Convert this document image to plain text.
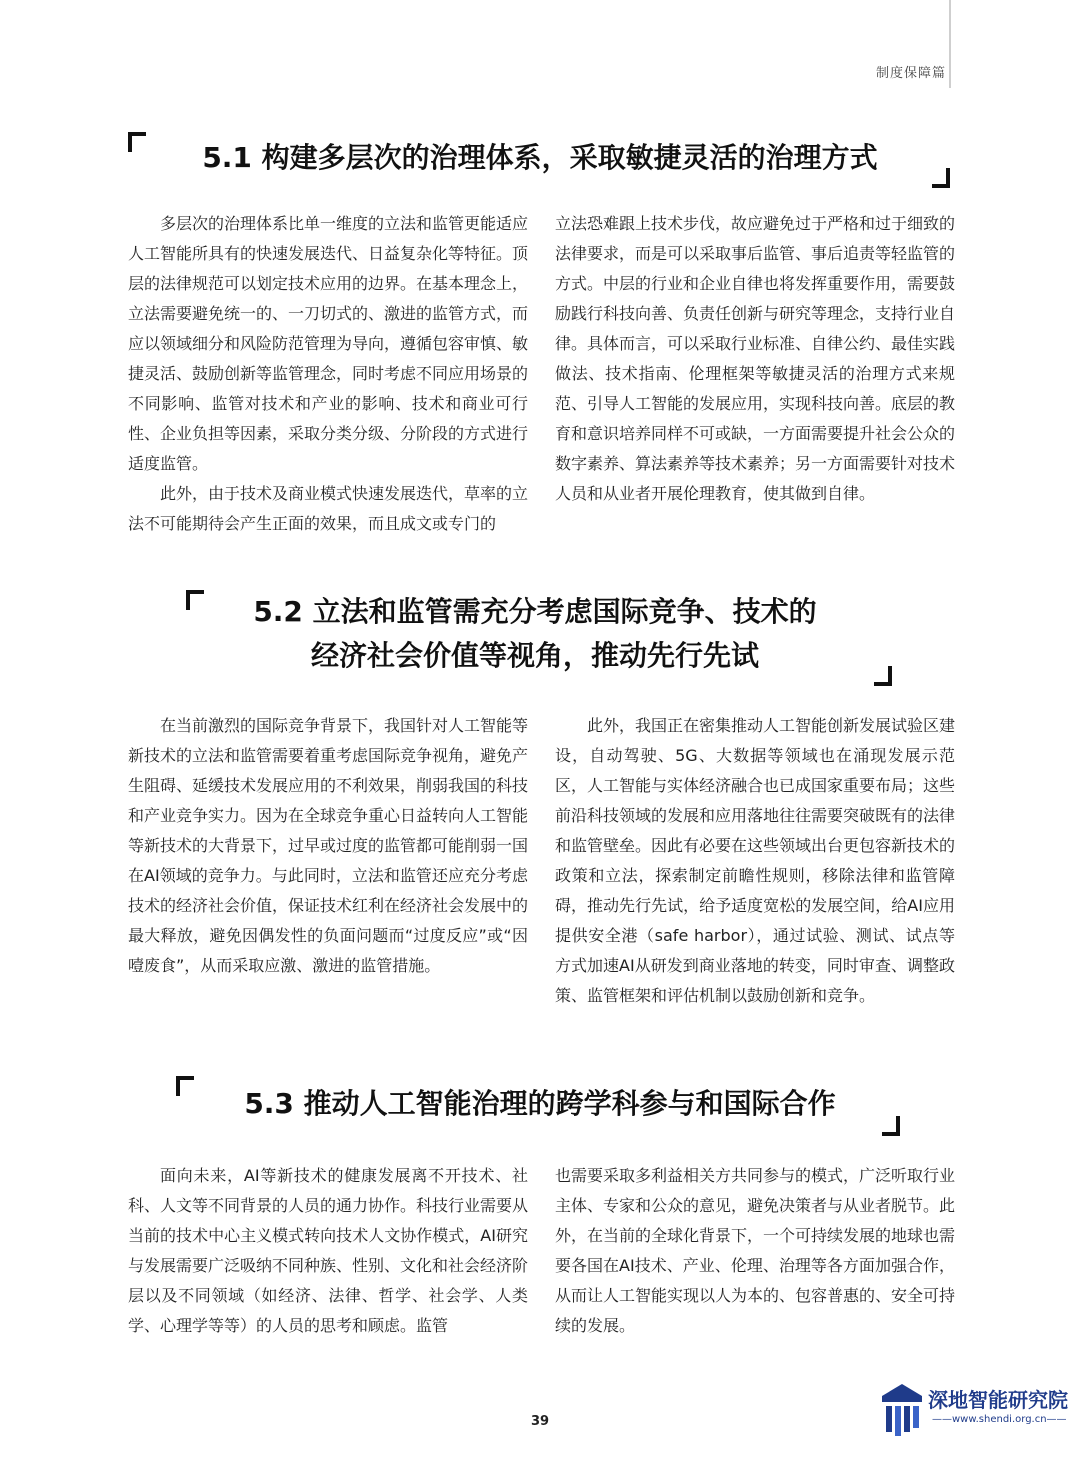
制度保障篇
5.1 构建多层次的治理体系，采取敏捷灵活的治理方式

多层次的治理体系比单一维度的立法和监管更能适应人工智能所具有的快速发展迭代、日益复杂化等特征。顶层的法律规范可以划定技术应用的边界。在基本理念上，立法需要避免统一的、一刀切式的、激进的监管方式，而应以领域细分和风险防范管理为导向，遵循包容审慎、敏捷灵活、鼓励创新等监管理念，同时考虑不同应用场景的不同影响、监管对技术和产业的影响、技术和商业可行性、企业负担等因素，采取分类分级、分阶段的方式进行适度监管。

此外，由于技术及商业模式快速发展迭代，草率的立法不可能期待会产生正面的效果，而且成文或专门的

立法恐难跟上技术步伐，故应避免过于严格和过于细致的法律要求，而是可以采取事后监管、事后追责等轻监管的方式。中层的行业和企业自律也将发挥重要作用，需要鼓励践行科技向善、负责任创新与研究等理念，支持行业自律。具体而言，可以采取行业标准、自律公约、最佳实践做法、技术指南、伦理框架等敏捷灵活的治理方式来规范、引导人工智能的发展应用，实现科技向善。底层的教育和意识培养同样不可或缺，一方面需要提升社会公众的数字素养、算法素养等技术素养；另一方面需要针对技术人员和从业者开展伦理教育，使其做到自律。

5.2 立法和监管需充分考虑国际竞争、技术的
经济社会价值等视角，推动先行先试

在当前激烈的国际竞争背景下，我国针对人工智能等新技术的立法和监管需要着重考虑国际竞争视角，避免产生阻碍、延缓技术发展应用的不利效果，削弱我国的科技和产业竞争实力。因为在全球竞争重心日益转向人工智能等新技术的大背景下，过早或过度的监管都可能削弱一国在AI领域的竞争力。与此同时，立法和监管还应充分考虑技术的经济社会价值，保证技术红利在经济社会发展中的最大释放，避免因偶发性的负面问题而“过度反应”或“因噎废食”，从而采取应激、激进的监管措施。

此外，我国正在密集推动人工智能创新发展试验区建设，自动驾驶、5G、大数据等领域也在涌现发展示范区，人工智能与实体经济融合也已成国家重要布局；这些前沿科技领域的发展和应用落地往往需要突破既有的法律和监管壁垒。因此有必要在这些领域出台更包容新技术的政策和立法，探索制定前瞻性规则，移除法律和监管障碍，推动先行先试，给予适度宽松的发展空间，给AI应用提供安全港（safe harbor），通过试验、测试、试点等方式加速AI从研发到商业落地的转变，同时审查、调整政策、监管框架和评估机制以鼓励创新和竞争。

5.3 推动人工智能治理的跨学科参与和国际合作

面向未来，AI等新技术的健康发展离不开技术、社科、人文等不同背景的人员的通力协作。科技行业需要从当前的技术中心主义模式转向技术人文协作模式，AI研究与发展需要广泛吸纳不同种族、性别、文化和社会经济阶层以及不同领域（如经济、法律、哲学、社会学、人类学、心理学等等）的人员的思考和顾虑。监管

也需要采取多利益相关方共同参与的模式，广泛听取行业主体、专家和公众的意见，避免决策者与从业者脱节。此外，在当前的全球化背景下，一个可持续发展的地球也需要各国在AI技术、产业、伦理、治理等各方面加强合作，从而让人工智能实现以人为本的、包容普惠的、安全可持续的发展。

39
深地智能研究院
——www.shendi.org.cn——
